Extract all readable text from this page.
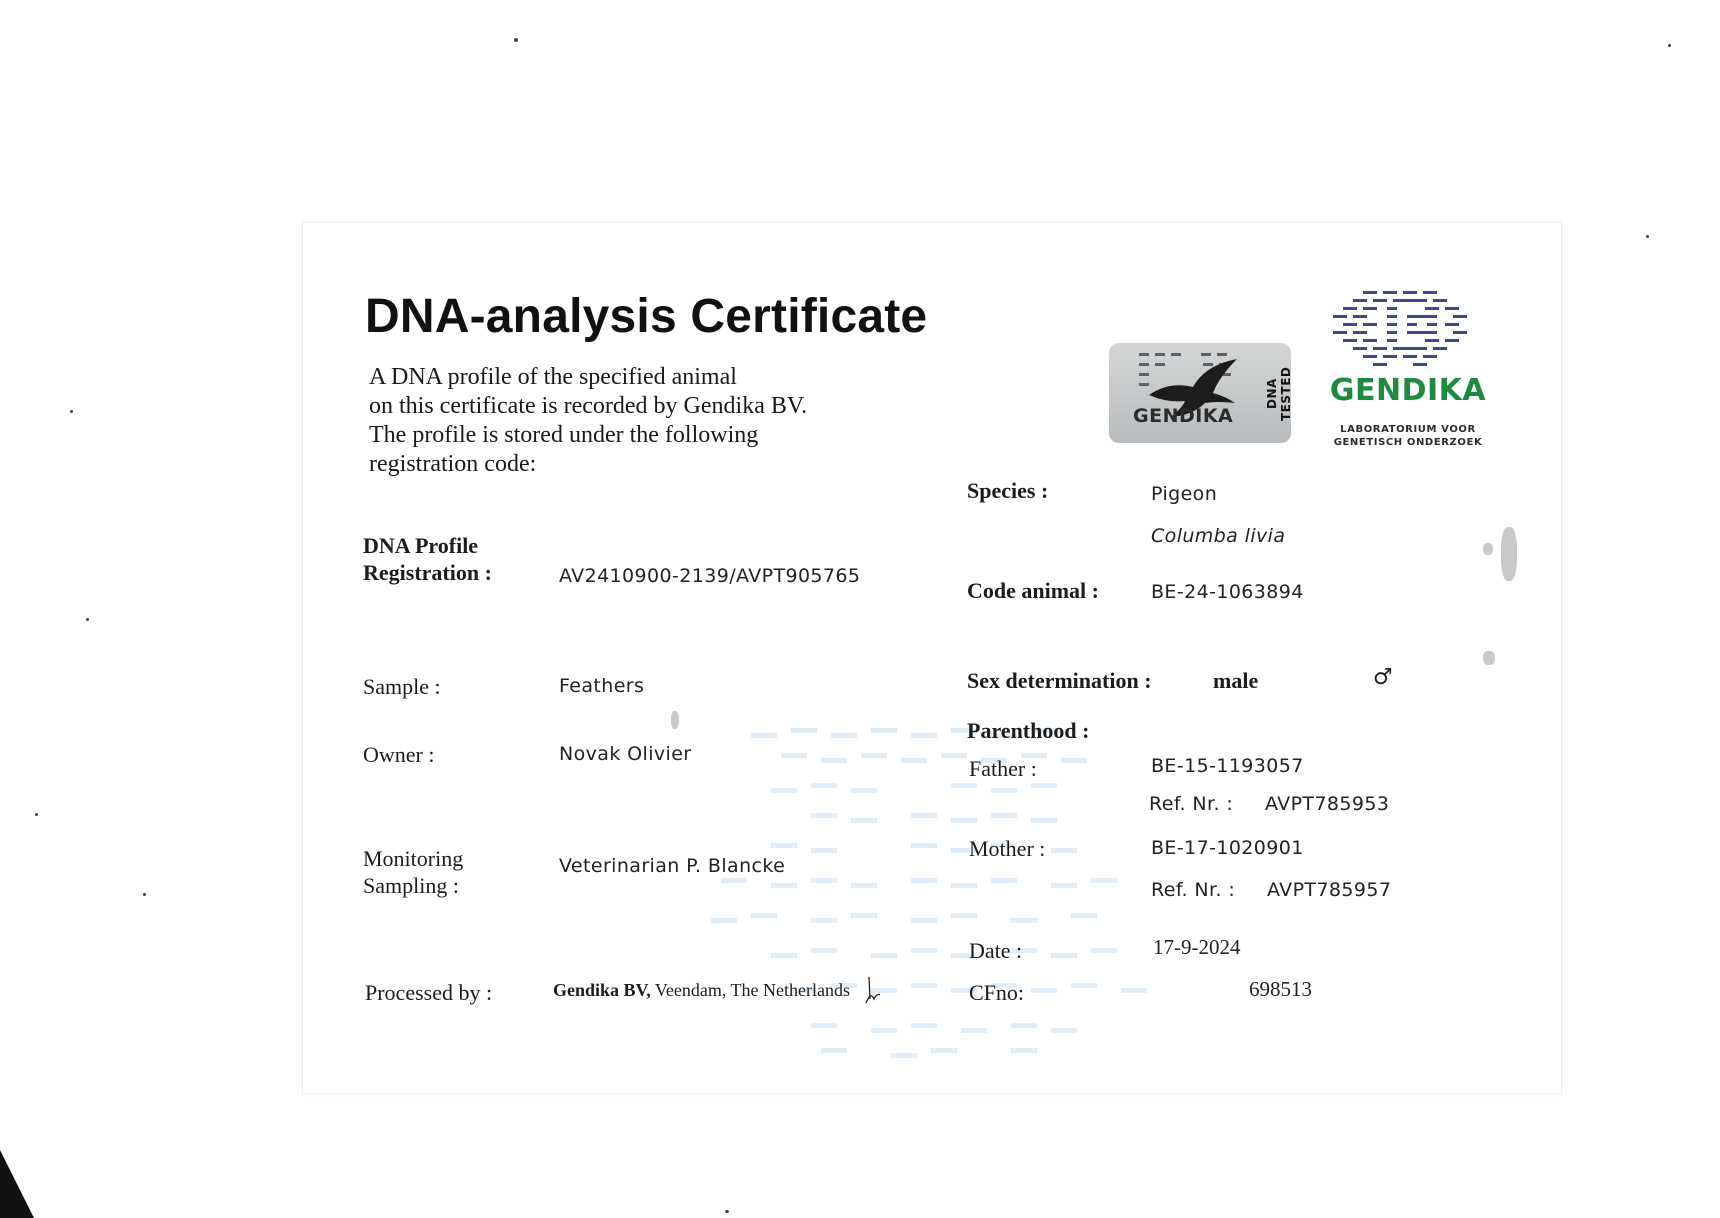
DNA-analysis Certificate
A DNA profile of the specified animal
on this certificate is recorded by Gendika BV.
The profile is stored under the following
registration code:
DNA Profile
Registration :	AV2410900-2139/AVPT905765
Sample :	Feathers
Owner :	Novak Olivier
Monitoring
Sampling :
Veterinarian P. Blancke
Processed by :	Gendika BV, Veendam, The Netherlands
Species :	Pigeon
Columba livia
Code animal :	BE-24-1063894
Sex determination :	male	♂
Parenthood :
Father :	BE-15-1193057
Ref. Nr. : AVPT785953
Mother :	BE-17-1020901
Ref. Nr. : AVPT785957
Date :	17-9-2024
CFno:	698513
GENDIKA
DNA TESTED	GENDIKA
LABORATORIUM VOOR
GENETISCH ONDERZOEK
